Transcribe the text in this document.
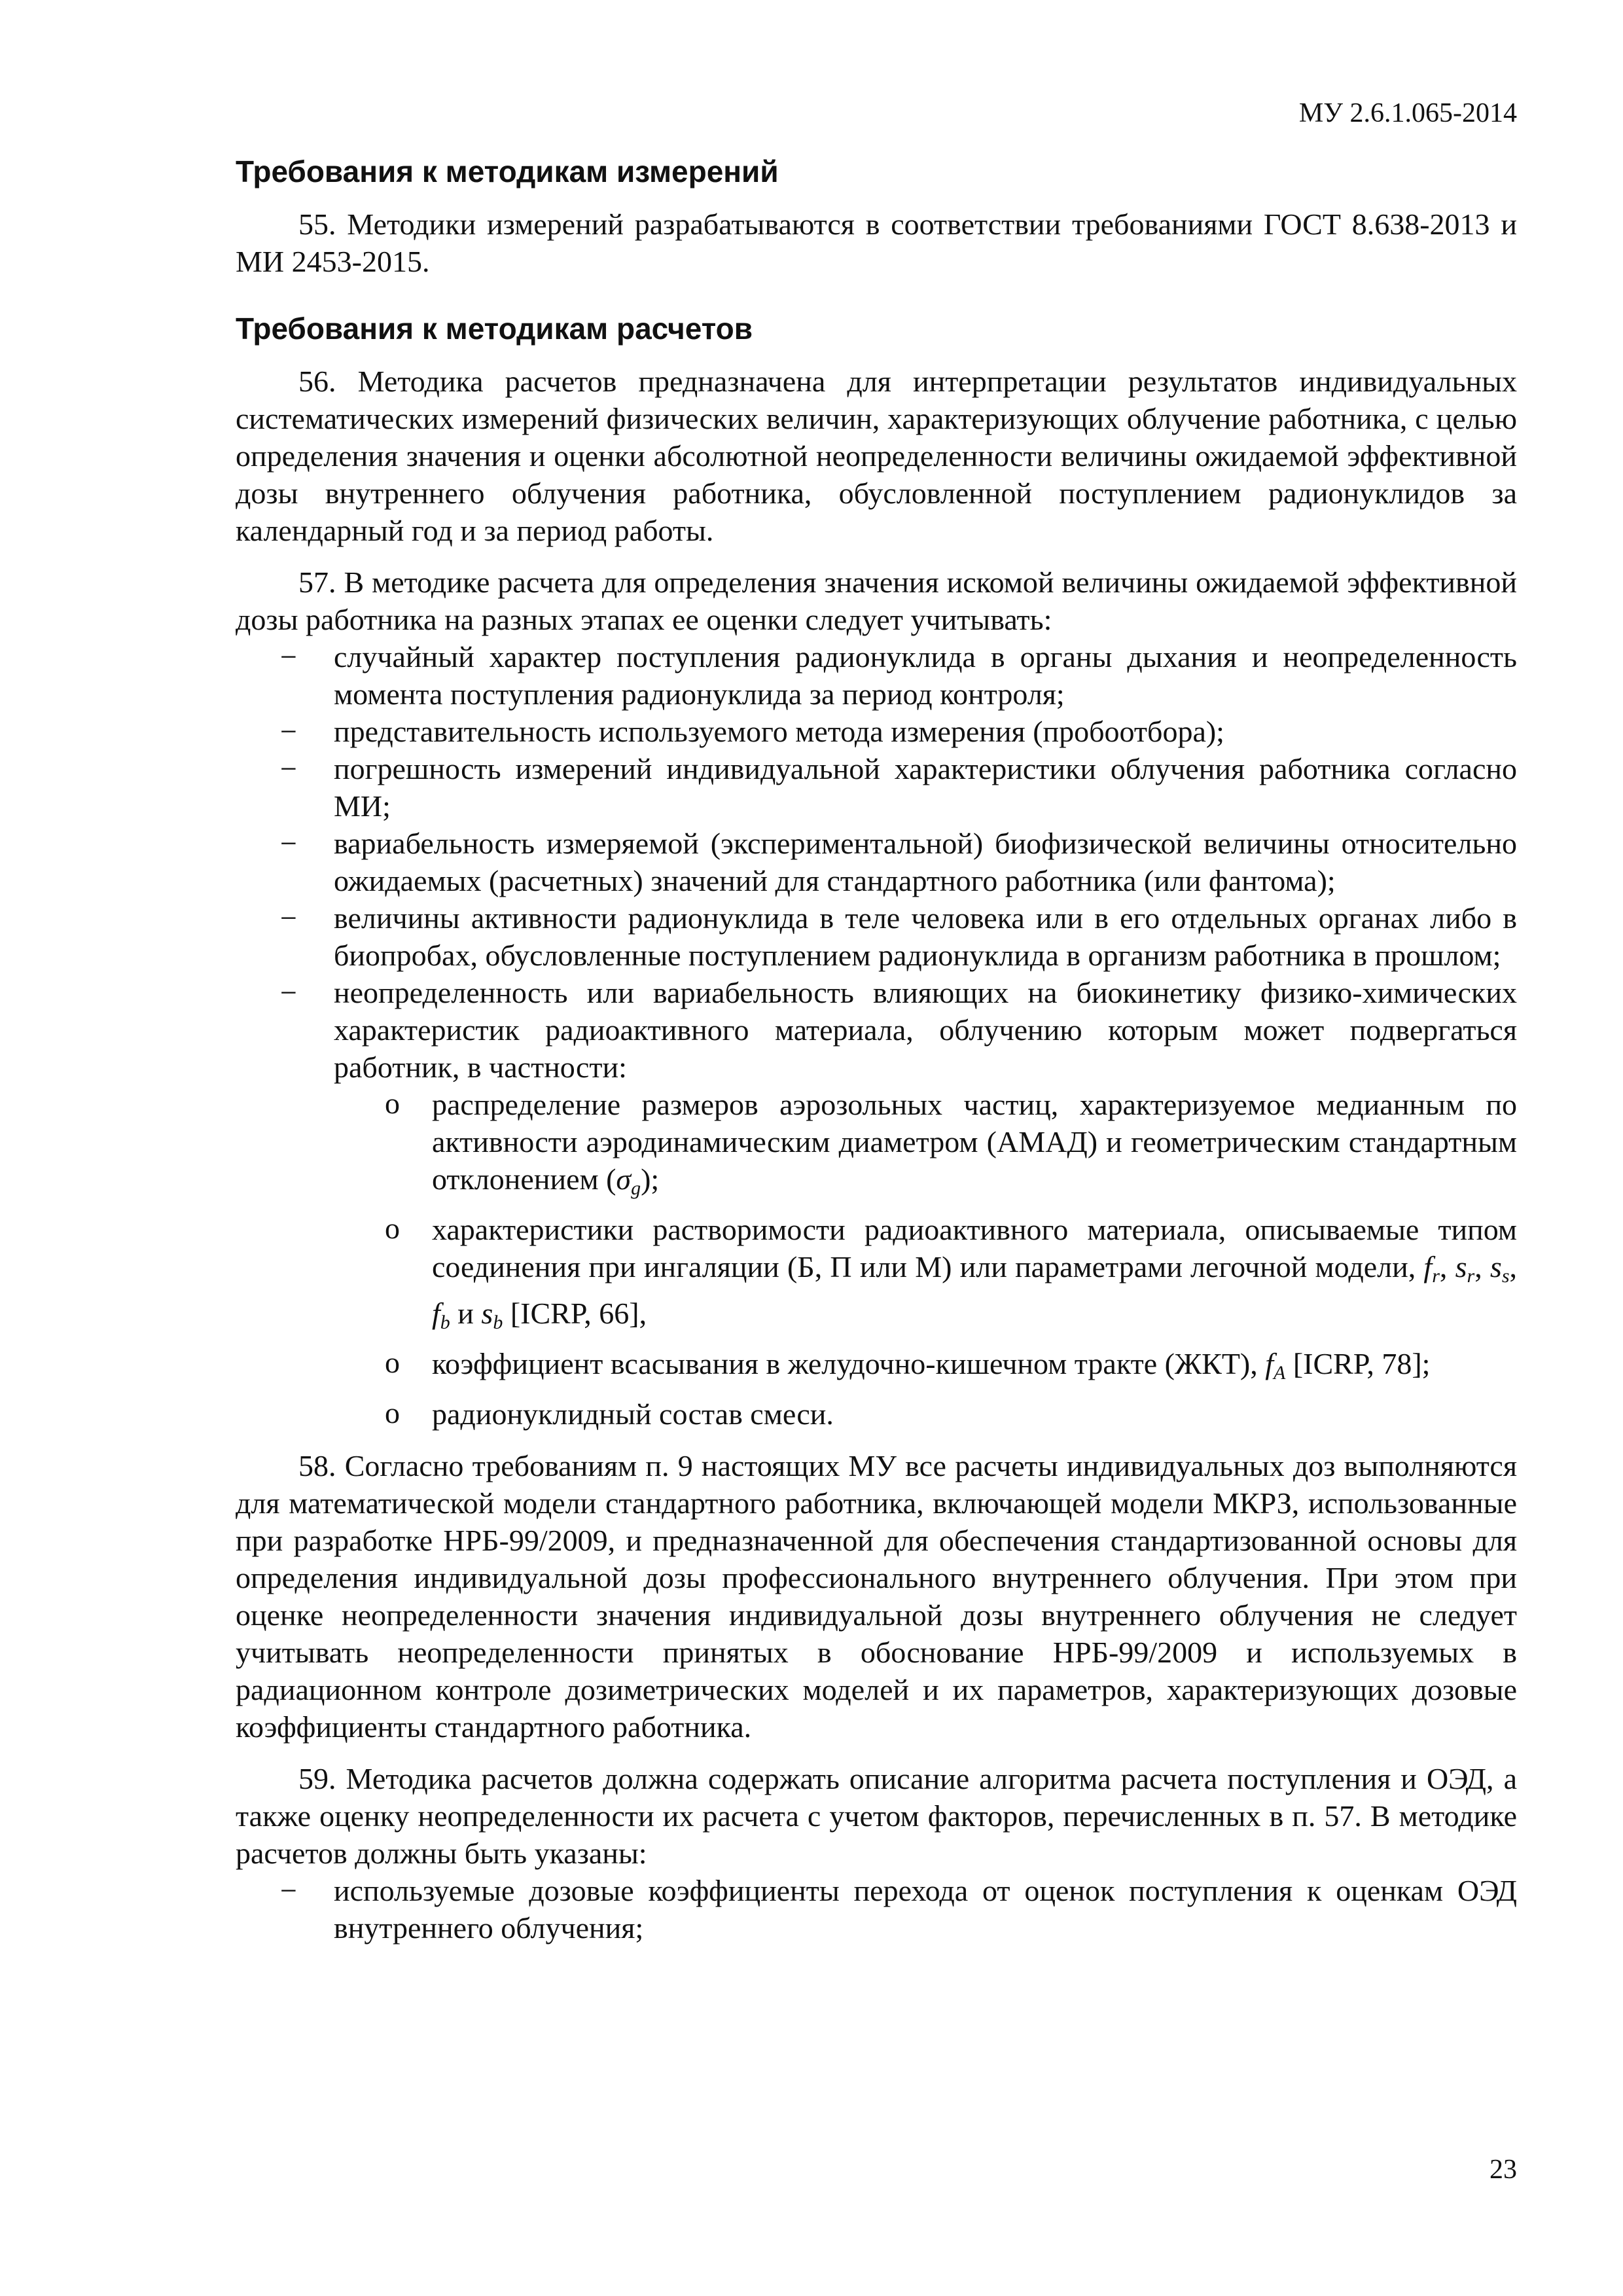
МУ 2.6.1.065-2014
Требования к методикам измерений

55. Методики измерений разрабатываются в соответствии требованиями ГОСТ 8.638-2013 и МИ 2453-2015.

Требования к методикам расчетов

56. Методика расчетов предназначена для интерпретации результатов индивидуальных систематических измерений физических величин, характеризующих облучение работника, с целью определения значения и оценки абсолютной неопределенности величины ожидаемой эффективной дозы внутреннего облучения работника, обусловленной поступлением радионуклидов за календарный год и за период работы.

57. В методике расчета для определения значения искомой величины ожидаемой эффективной дозы работника на разных этапах ее оценки следует учитывать:

− случайный характер поступления радионуклида в органы дыхания и неопределенность момента поступления радионуклида за период контроля;
− представительность используемого метода измерения (пробоотбора);
− погрешность измерений индивидуальной характеристики облучения работника согласно МИ;
− вариабельность измеряемой (экспериментальной) биофизической величины относительно ожидаемых (расчетных) значений для стандартного работника (или фантома);
− величины активности радионуклида в теле человека или в его отдельных органах либо в биопробах, обусловленные поступлением радионуклида в организм работника в прошлом;
− неопределенность или вариабельность влияющих на биокинетику физико-химических характеристик радиоактивного материала, облучению которым может подвергаться работник, в частности:
o распределение размеров аэрозольных частиц, характеризуемое медианным по активности аэродинамическим диаметром (АМАД) и геометрическим стандартным отклонением $(\sigma_g)$;
o характеристики растворимости радиоактивного материала, описываемые типом соединения при ингаляции (Б, П или М) или параметрами легочной модели, $f_r$, $s_r$, $s_s$, $f_b$ и $s_b$ [ICRP, 66],
o коэффициент всасывания в желудочно-кишечном тракте (ЖКТ), $f_A$ [ICRP, 78];
o радионуклидный состав смеси.

58. Согласно требованиям п. 9 настоящих МУ все расчеты индивидуальных доз выполняются для математической модели стандартного работника, включающей модели МКРЗ, использованные при разработке НРБ-99/2009, и предназначенной для обеспечения стандартизованной основы для определения индивидуальной дозы профессионального внутреннего облучения. При этом при оценке неопределенности значения индивидуальной дозы внутреннего облучения не следует учитывать неопределенности принятых в обоснование НРБ-99/2009 и используемых в радиационном контроле дозиметрических моделей и их параметров, характеризующих дозовые коэффициенты стандартного работника.

59. Методика расчетов должна содержать описание алгоритма расчета поступления и ОЭД, а также оценку неопределенности их расчета с учетом факторов, перечисленных в п. 57. В методике расчетов должны быть указаны:

− используемые дозовые коэффициенты перехода от оценок поступления к оценкам ОЭД внутреннего облучения;
23
